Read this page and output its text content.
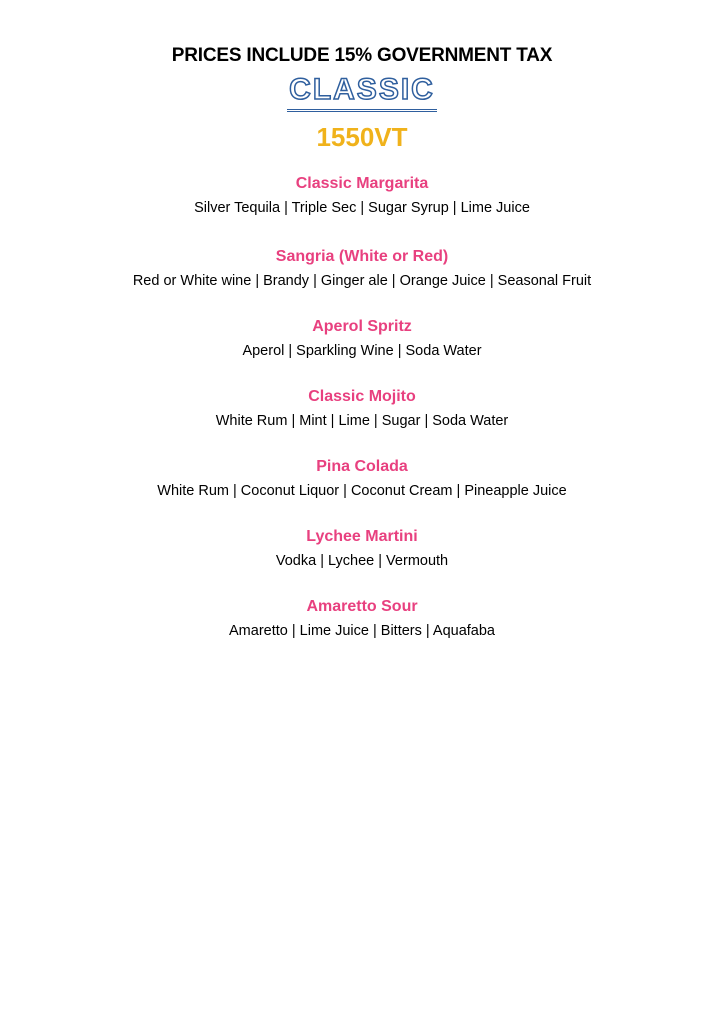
PRICES INCLUDE 15% GOVERNMENT TAX
CLASSIC
1550VT
Classic Margarita
Silver Tequila | Triple Sec | Sugar Syrup | Lime Juice
Sangria (White or Red)
Red or White wine | Brandy | Ginger ale | Orange Juice | Seasonal Fruit
Aperol Spritz
Aperol | Sparkling Wine | Soda Water
Classic Mojito
White Rum | Mint | Lime | Sugar | Soda Water
Pina Colada
White Rum | Coconut Liquor | Coconut Cream | Pineapple Juice
Lychee Martini
Vodka | Lychee | Vermouth
Amaretto Sour
Amaretto | Lime Juice | Bitters | Aquafaba
